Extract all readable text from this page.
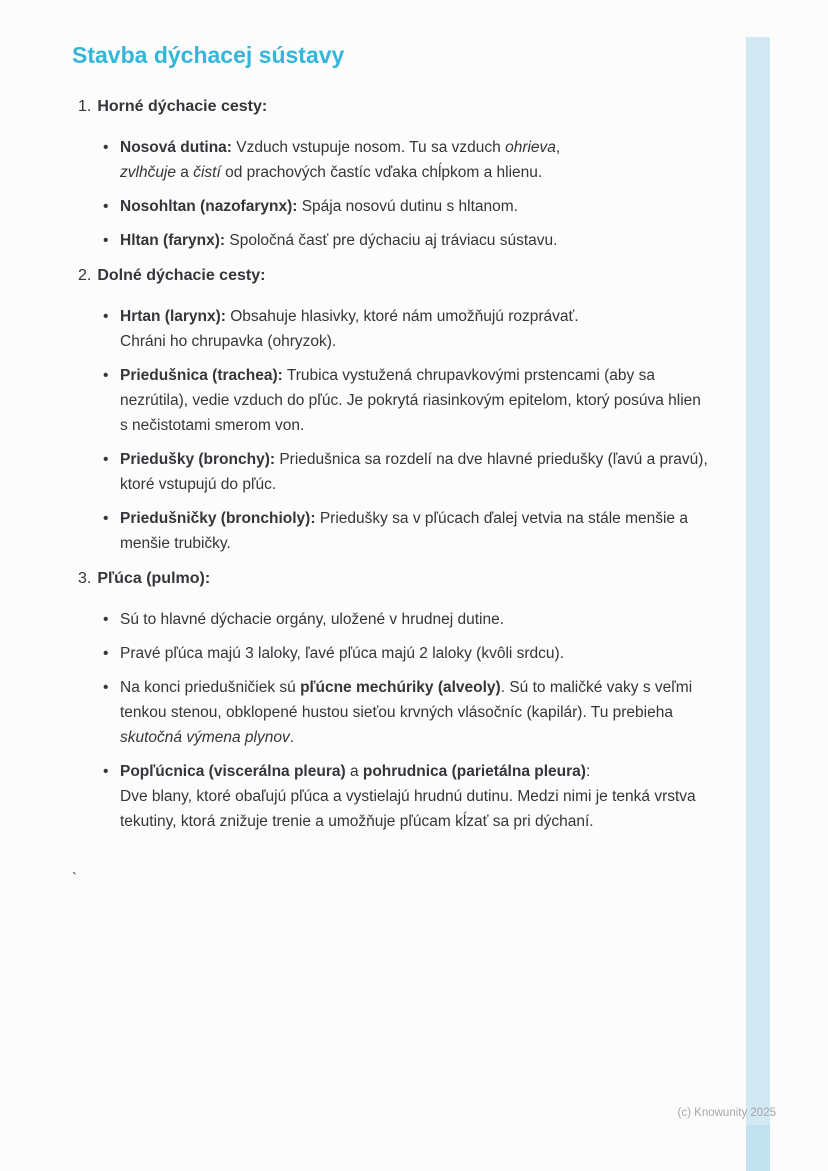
Stavba dýchacej sústavy
1. Horné dýchacie cesty:
• Nosová dutina: Vzduch vstupuje nosom. Tu sa vzduch ohrieva,
zvlhčuje a čistí od prachových častíc vďaka chĺpkom a hlienu.
• Nosohltan (nazofarynx): Spája nosovú dutinu s hltanom.
• Hltan (farynx): Spoločná časť pre dýchaciu aj tráviacu sústavu.
2. Dolné dýchacie cesty:
• Hrtan (larynx): Obsahuje hlasivky, ktoré nám umožňujú rozprávať.
Chráni ho chrupavka (ohryzok).
• Priedušnica (trachea): Trubica vystužená chrupavkovými prstencami (aby sa nezrútila), vedie vzduch do pľúc. Je pokrytá riasinkovým epitelom, ktorý posúva hlien s nečistotami smerom von.
• Priedušky (bronchy): Priedušnica sa rozdelí na dve hlavné priedušky (ľavú a pravú), ktoré vstupujú do pľúc.
• Priedušničky (bronchioly): Priedušky sa v pľúcach ďalej vetvia na stále menšie a menšie trubičky.
3. Pľúca (pulmo):
• Sú to hlavné dýchacie orgány, uložené v hrudnej dutine.
• Pravé pľúca majú 3 laloky, ľavé pľúca majú 2 laloky (kvôli srdcu).
• Na konci priedušničiek sú pľúcne mechúriky (alveoly). Sú to maličké vaky s veľmi tenkou stenou, obklopené hustou sieťou krvných vlásočníc (kapilár). Tu prebieha skutočná výmena plynov.
• Popľúcnica (viscerálna pleura) a pohrudnica (parietálna pleura):
Dve blany, ktoré obaľujú pľúca a vystielajú hrudnú dutinu. Medzi nimi je tenká vrstva tekutiny, ktorá znižuje trenie a umožňuje pľúcam kĺzať sa pri dýchaní.
`
(c) Knowunity 2025
